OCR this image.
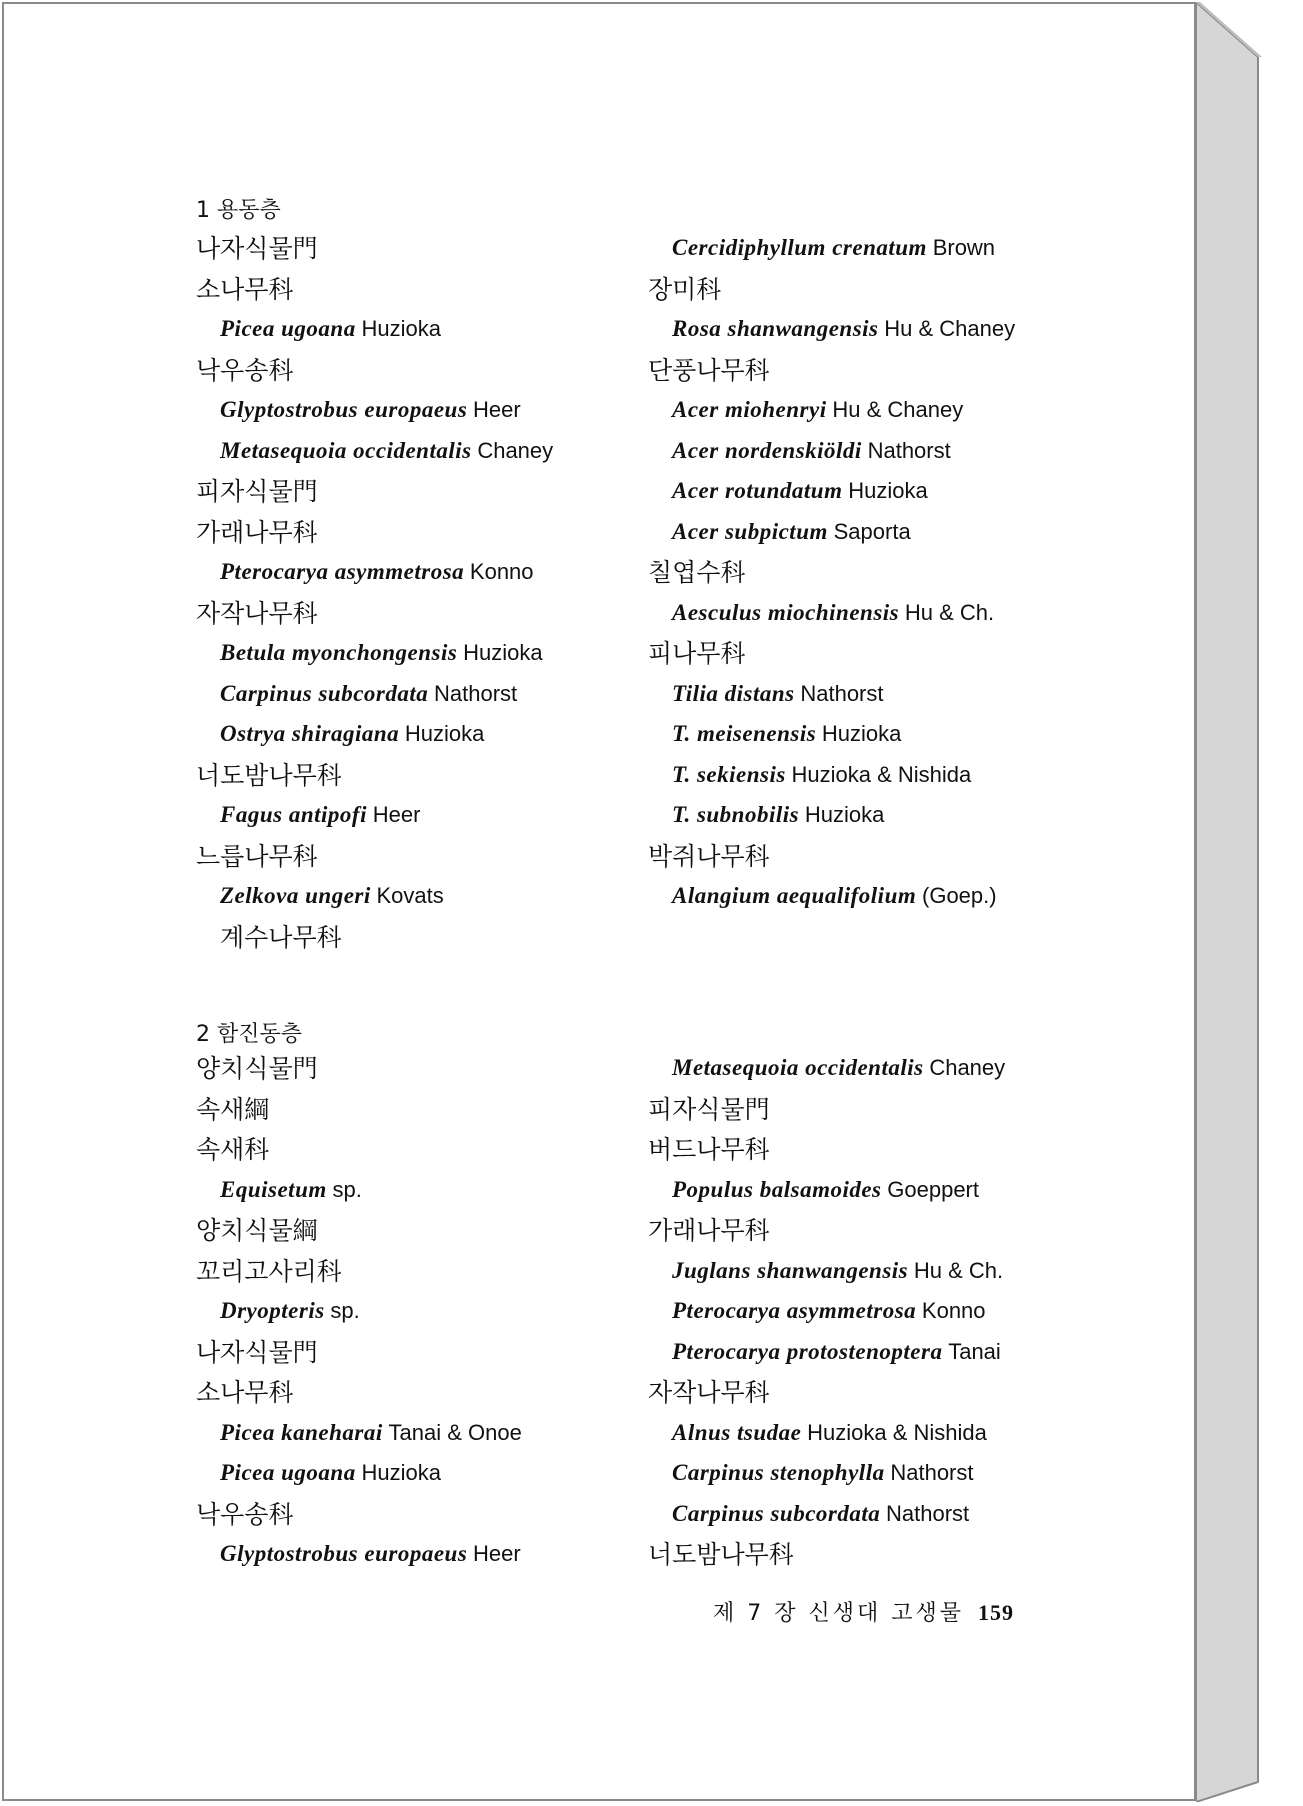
1 용동층
나자식물門
소나무科
Picea ugoana Huzioka
낙우송科
Glyptostrobus europaeus Heer
Metasequoia occidentalis Chaney
피자식물門
가래나무科
Pterocarya asymmetrosa Konno
자작나무科
Betula myonchongensis Huzioka
Carpinus subcordata Nathorst
Ostrya shiragiana Huzioka
너도밤나무科
Fagus antipofi Heer
느릅나무科
Zelkova ungeri Kovats
계수나무科
Cercidiphyllum crenatum Brown
장미科
Rosa shanwangensis Hu & Chaney
단풍나무科
Acer miohenryi Hu & Chaney
Acer nordenskiöldi Nathorst
Acer rotundatum Huzioka
Acer subpictum Saporta
칠엽수科
Aesculus miochinensis Hu & Ch.
피나무科
Tilia distans Nathorst
T. meisenensis Huzioka
T. sekiensis Huzioka & Nishida
T. subnobilis Huzioka
박쥐나무科
Alangium aequalifolium (Goep.)
2 함진동층
양치식물門
속새綱
속새科
Equisetum sp.
양치식물綱
꼬리고사리科
Dryopteris sp.
나자식물門
소나무科
Picea kaneharai Tanai & Onoe
Picea ugoana Huzioka
낙우송科
Glyptostrobus europaeus Heer
Metasequoia occidentalis Chaney
피자식물門
버드나무科
Populus balsamoides Goeppert
가래나무科
Juglans shanwangensis Hu & Ch.
Pterocarya asymmetrosa Konno
Pterocarya protostenoptera Tanai
자작나무科
Alnus tsudae Huzioka & Nishida
Carpinus stenophylla Nathorst
Carpinus subcordata Nathorst
너도밤나무科
제 7 장 신생대 고생물 159
